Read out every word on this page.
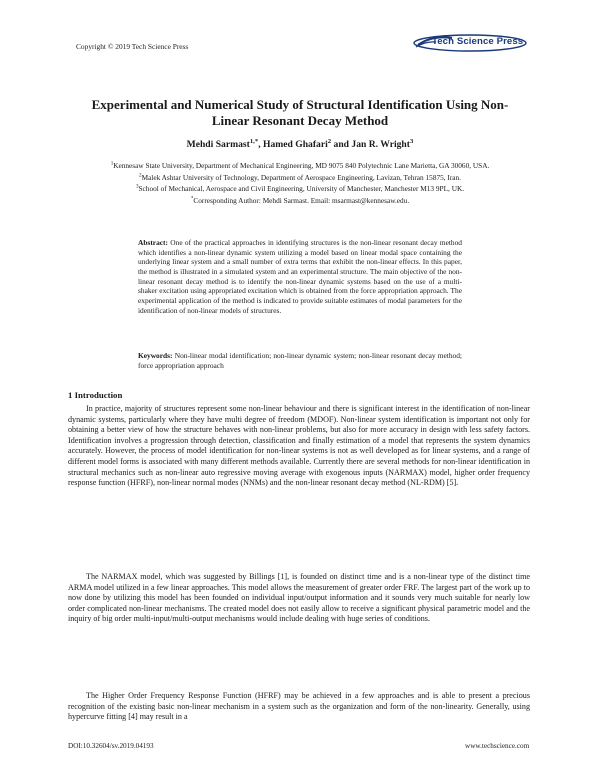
Copyright © 2019 Tech Science Press	Tech Science Press
Experimental and Numerical Study of Structural Identification Using Non-Linear Resonant Decay Method
Mehdi Sarmast$^{1,*}$, Hamed Ghafari$^2$ and Jan R. Wright$^3$
$^1$Kennesaw State University, Department of Mechanical Engineering, MD 9075 840 Polytechnic Lane Marietta, GA 30060, USA.
$^2$Malek Ashtar University of Technology, Department of Aerospace Engineering, Lavizan, Tehran 15875, Iran.
$^3$School of Mechanical, Aerospace and Civil Engineering, University of Manchester, Manchester M13 9PL, UK.
*Corresponding Author: Mehdi Sarmast. Email: msarmast@kennesaw.edu.
Abstract: One of the practical approaches in identifying structures is the non-linear resonant decay method which identifies a non-linear dynamic system utilizing a model based on linear modal space containing the underlying linear system and a small number of extra terms that exhibit the non-linear effects. In this paper, the method is illustrated in a simulated system and an experimental structure. The main objective of the non-linear resonant decay method is to identify the non-linear dynamic systems based on the use of a multi-shaker excitation using appropriated excitation which is obtained from the force appropriation approach. The experimental application of the method is indicated to provide suitable estimates of modal parameters for the identification of non-linear models of structures.
Keywords: Non-linear modal identification; non-linear dynamic system; non-linear resonant decay method; force appropriation approach
1 Introduction

In practice, majority of structures represent some non-linear behaviour and there is significant interest in the identification of non-linear dynamic systems, particularly where they have multi degree of freedom (MDOF). Non-linear system identification is important not only for obtaining a better view of how the structure behaves with non-linear problems, but also for more accuracy in design with less safety factors. Identification involves a progression through detection, classification and finally estimation of a model that represents the system dynamics accurately. However, the process of model identification for non-linear systems is not as well developed as for linear systems, and a range of different model forms is associated with many different methods available. Currently there are several methods for non-linear identification in structural mechanics such as non-linear auto regressive moving average with exogenous inputs (NARMAX) model, higher order frequency response function (HFRF), non-linear normal modes (NNMs) and the non-linear resonant decay method (NL-RDM) [5].

The NARMAX model, which was suggested by Billings [1], is founded on distinct time and is a non-linear type of the distinct time ARMA model utilized in a few linear approaches. This model allows the measurement of greater order FRF. The largest part of the work up to now done by utilizing this model has been founded on individual input/output information and it sounds very much suitable for nearly low order complicated non-linear mechanisms. The created model does not easily allow to receive a significant physical parametric model and the inquiry of big order multi-input/multi-output mechanisms would include dealing with huge series of conditions.

The Higher Order Frequency Response Function (HFRF) may be achieved in a few approaches and is able to present a precious recognition of the existing basic non-linear mechanism in a system such as the organization and form of the non-linearity. Generally, using hypercurve fitting [4] may result in a

DOI:10.32604/sv.2019.04193	www.techscience.com
